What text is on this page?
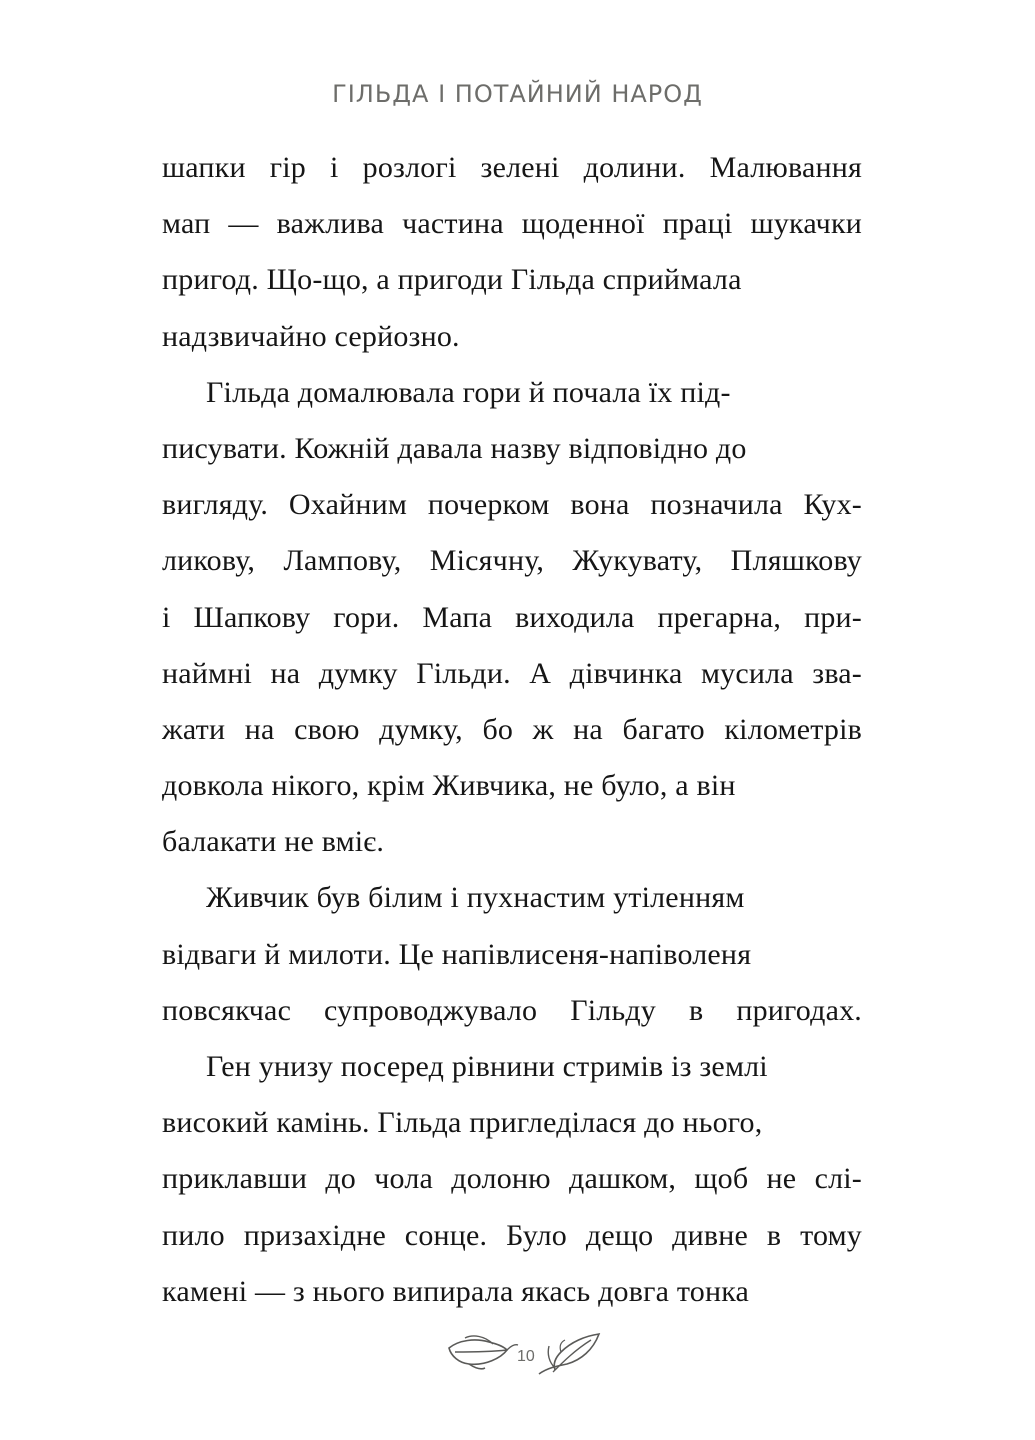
ГІЛЬДА І ПОТАЙНИЙ НАРОД
шапки гір і розлогі зелені долини. Малювання
мап — важлива частина щоденної праці шукачки
пригод. Що-що, а пригоди Гільда сприймала
надзвичайно серйозно.
Гільда домалювала гори й почала їх під-
писувати. Кожній давала назву відповідно до
вигляду. Охайним почерком вона позначила Кух-
ликову, Лампову, Місячну, Жукувату, Пляшкову
і Шапкову гори. Мапа виходила прегарна, при-
наймні на думку Гільди. А дівчинка мусила зва-
жати на свою думку, бо ж на багато кілометрів
довкола нікого, крім Живчика, не було, а він
балакати не вміє.
Живчик був білим і пухнастим утіленням
відваги й милоти. Це напівлисеня-напіволеня
повсякчас супроводжувало Гільду в пригодах.
Ген унизу посеред рівнини стримів із землі
високий камінь. Гільда пригледілася до нього,
приклавши до чола долоню дашком, щоб не слі-
пило призахідне сонце. Було дещо дивне в тому
камені — з нього випирала якась довга тонка
10
